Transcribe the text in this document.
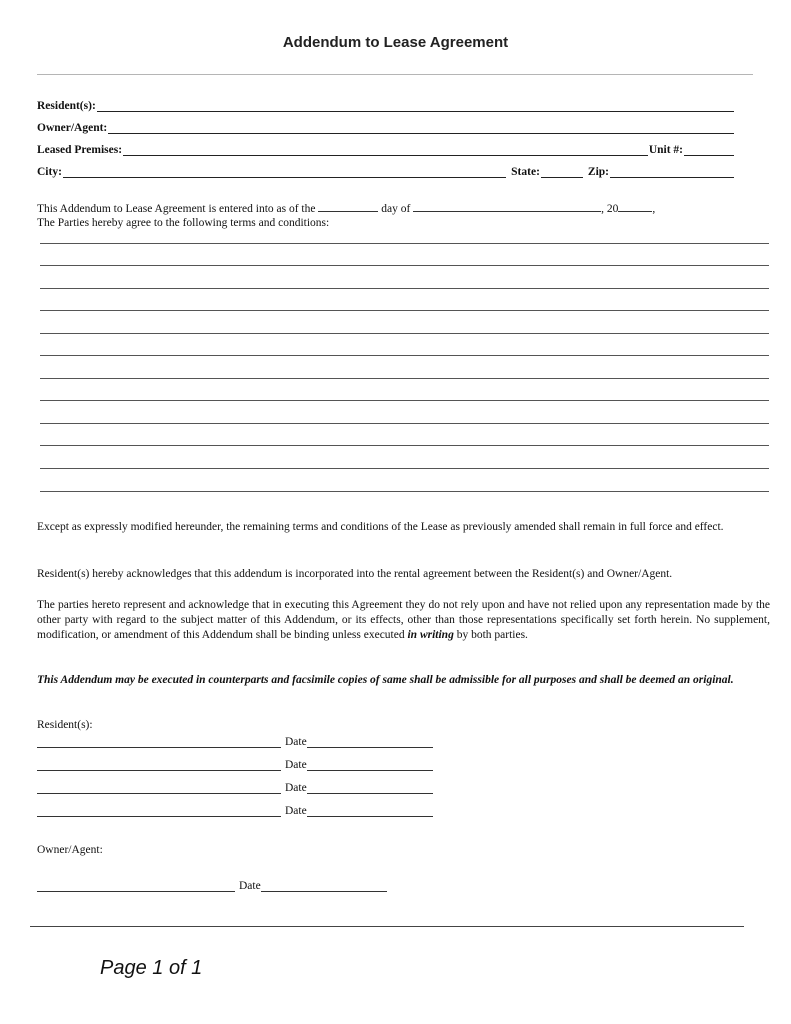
Addendum to Lease Agreement
Resident(s):
Owner/Agent:
Leased Premises:	Unit #:
City:	State:	Zip:
This Addendum to Lease Agreement is entered into as of the	day of	, 20	,
The Parties hereby agree to the following terms and conditions:
Except as expressly modified hereunder, the remaining terms and conditions of the Lease as previously amended shall remain in full force and effect.
Resident(s) hereby acknowledges that this addendum is incorporated into the rental agreement between the Resident(s) and Owner/Agent.
The parties hereto represent and acknowledge that in executing this Agreement they do not rely upon and have not relied upon any representation made by the other party with regard to the subject matter of this Addendum, or its effects, other than those representations specifically set forth herein. No supplement, modification, or amendment of this Addendum shall be binding unless executed in writing by both parties.
This Addendum may be executed in counterparts and facsimile copies of same shall be admissible for all purposes and shall be deemed an original.
Resident(s):
Date
Date
Date
Date
Owner/Agent:
Date
Page 1 of 1
